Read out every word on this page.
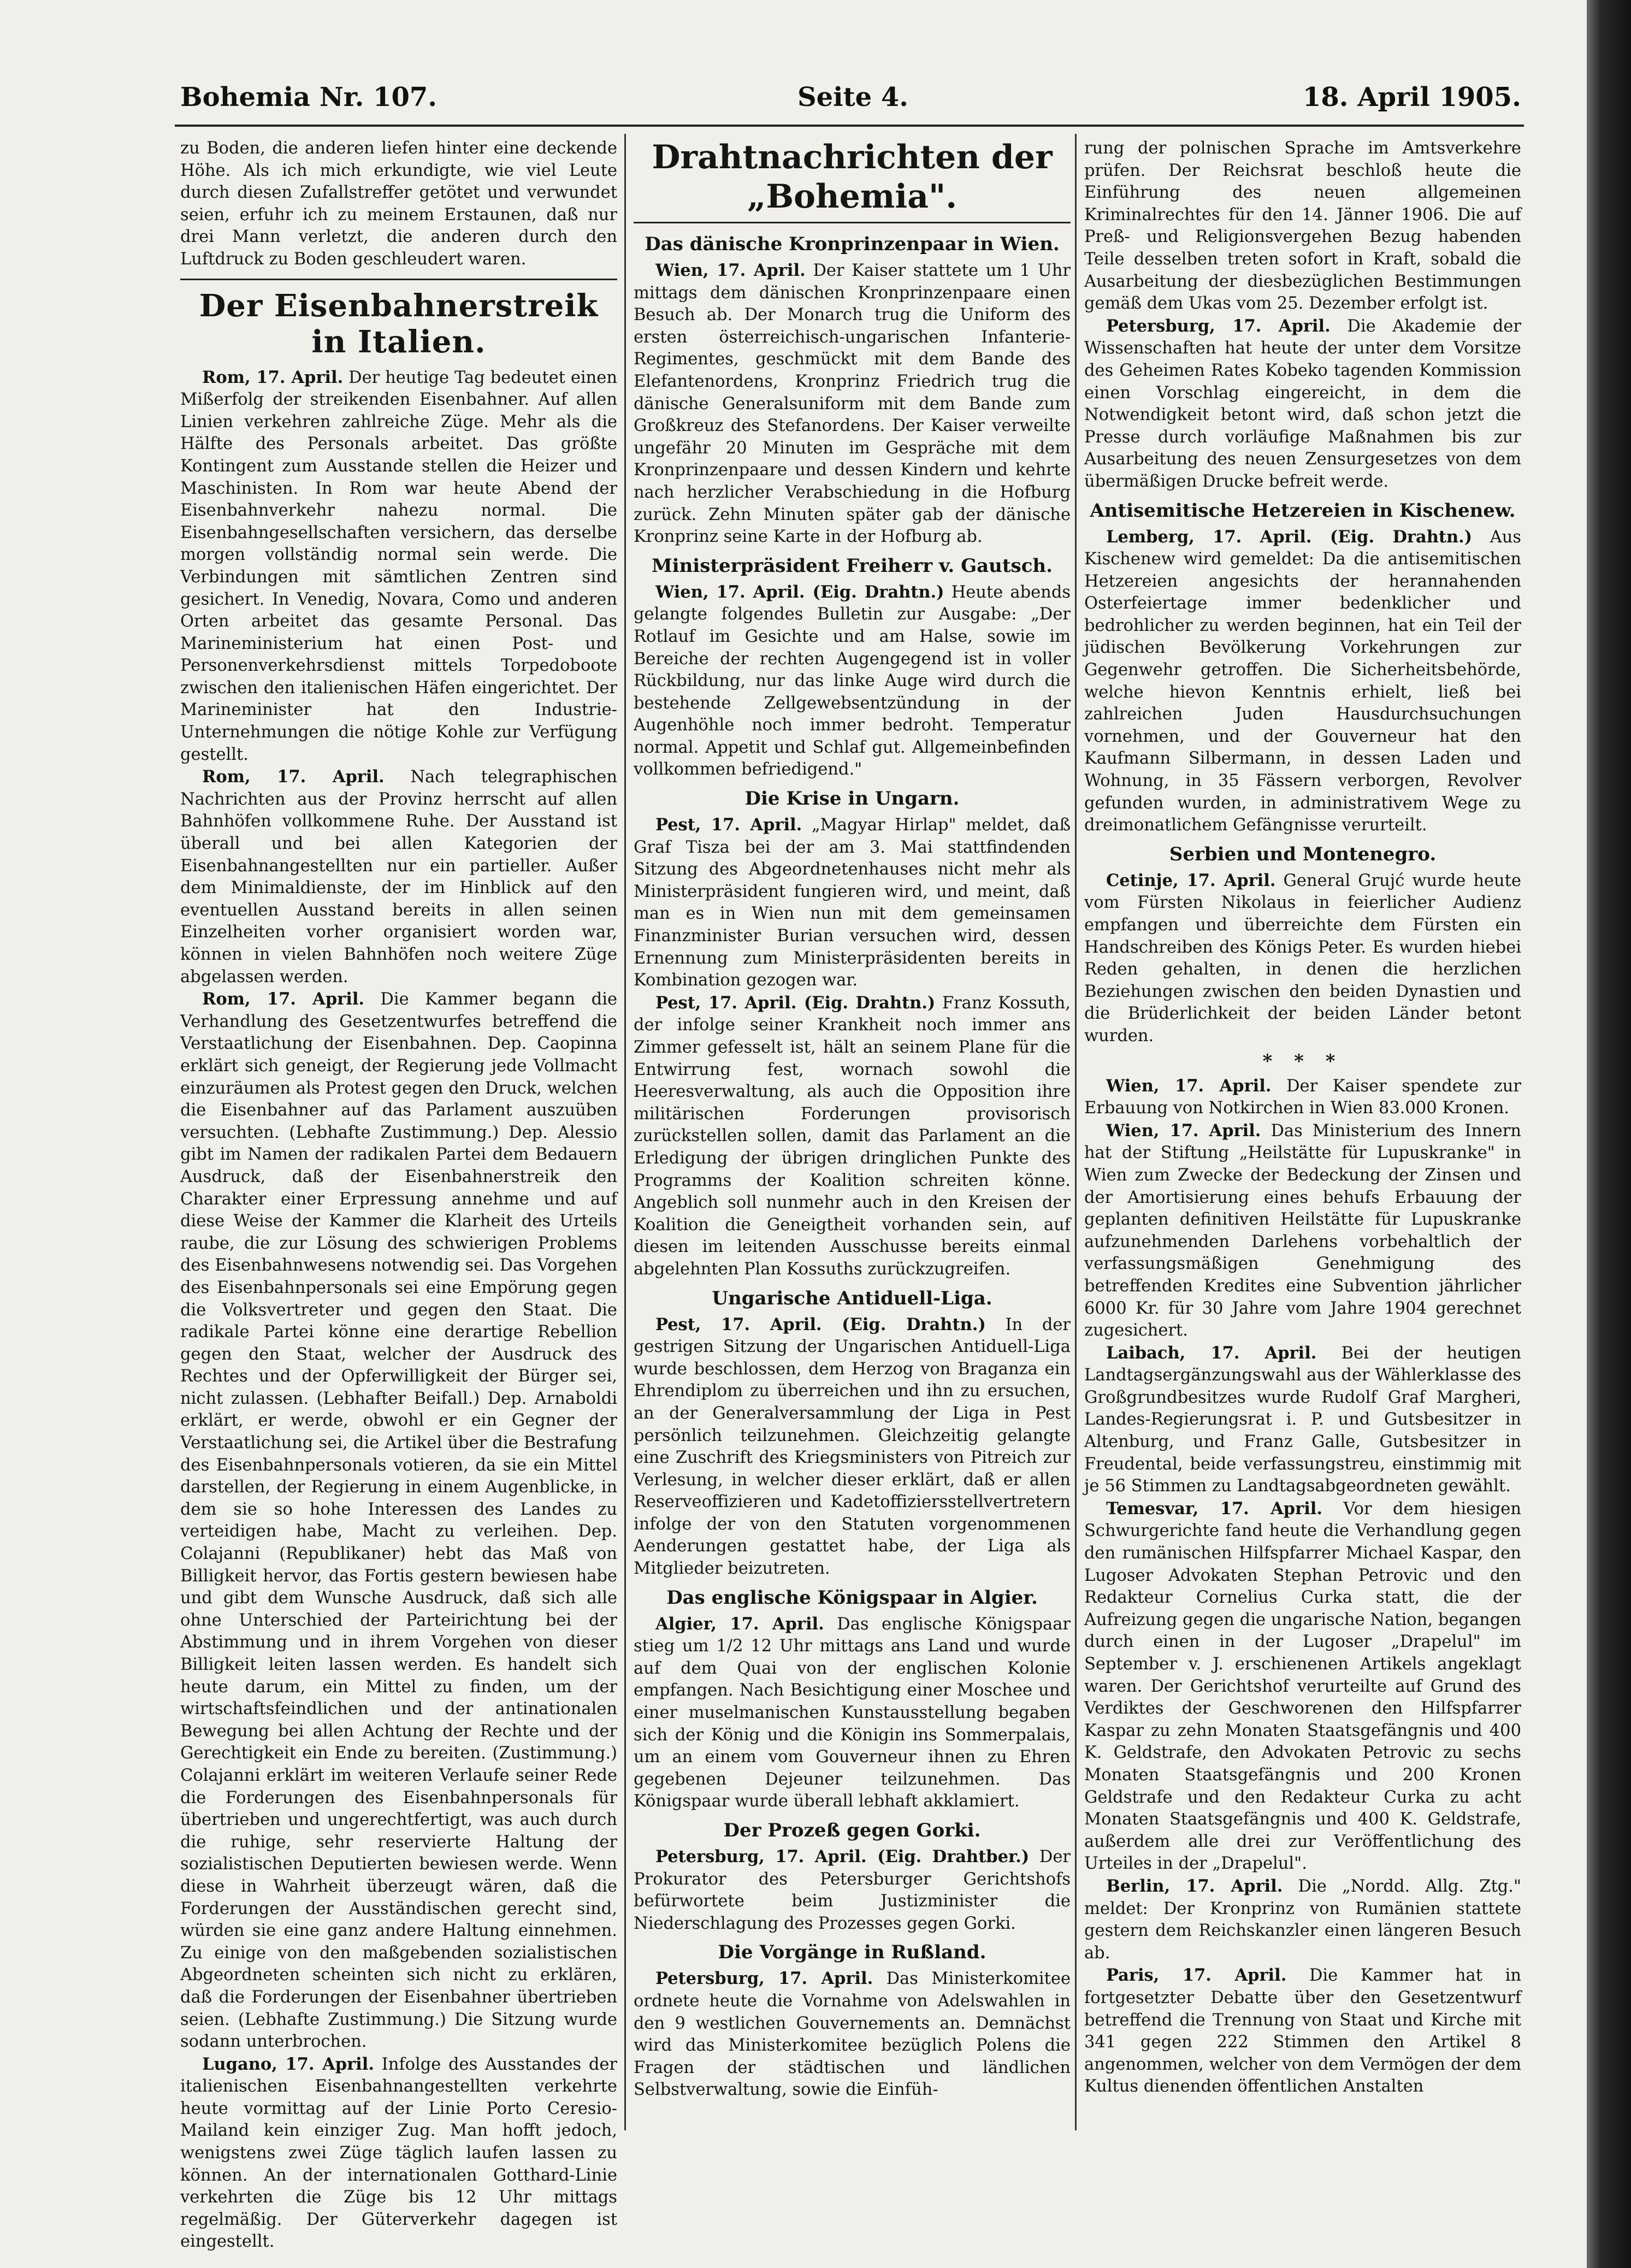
Bohemia Nr. 107.	Seite 4.	18. April 1905.

zu Boden, die anderen liefen hinter eine deckende Höhe. Als ich mich erkundigte, wie viel Leute durch diesen Zufallstreffer getötet und verwundet seien, erfuhr ich zu meinem Erstaunen, daß nur drei Mann verletzt, die anderen durch den Luftdruck zu Boden geschleudert waren.

Der Eisenbahnerstreik in Italien.

Rom, 17. April. Der heutige Tag bedeutet einen Mißerfolg der streikenden Eisenbahner. Auf allen Linien verkehren zahlreiche Züge. Mehr als die Hälfte des Personals arbeitet. Das größte Kontingent zum Ausstande stellen die Heizer und Maschinisten. In Rom war heute Abend der Eisenbahnverkehr nahezu normal. Die Eisenbahngesellschaften versichern, das derselbe morgen vollständig normal sein werde. Die Verbindungen mit sämtlichen Zentren sind gesichert. In Venedig, Novara, Como und anderen Orten arbeitet das gesamte Personal. Das Marineministerium hat einen Post- und Personenverkehrsdienst mittels Torpedoboote zwischen den italienischen Häfen eingerichtet. Der Marineminister hat den Industrie-Unternehmungen die nötige Kohle zur Verfügung gestellt.

Rom, 17. April. Nach telegraphischen Nachrichten aus der Provinz herrscht auf allen Bahnhöfen vollkommene Ruhe. Der Ausstand ist überall und bei allen Kategorien der Eisenbahnangestellten nur ein partieller. Außer dem Minimaldienste, der im Hinblick auf den eventuellen Ausstand bereits in allen seinen Einzelheiten vorher organisiert worden war, können in vielen Bahnhöfen noch weitere Züge abgelassen werden.

Rom, 17. April. Die Kammer begann die Verhandlung des Gesetzentwurfes betreffend die Verstaatlichung der Eisenbahnen. Dep. Caopinna erklärt sich geneigt, der Regierung jede Vollmacht einzuräumen als Protest gegen den Druck, welchen die Eisenbahner auf das Parlament auszuüben versuchten. (Lebhafte Zustimmung.) Dep. Alessio gibt im Namen der radikalen Partei dem Bedauern Ausdruck, daß der Eisenbahnerstreik den Charakter einer Erpressung annehme und auf diese Weise der Kammer die Klarheit des Urteils raube, die zur Lösung des schwierigen Problems des Eisenbahnwesens notwendig sei. Das Vorgehen des Eisenbahnpersonals sei eine Empörung gegen die Volksvertreter und gegen den Staat. Die radikale Partei könne eine derartige Rebellion gegen den Staat, welcher der Ausdruck des Rechtes und der Opferwilligkeit der Bürger sei, nicht zulassen. (Lebhafter Beifall.) Dep. Arnaboldi erklärt, er werde, obwohl er ein Gegner der Verstaatlichung sei, die Artikel über die Bestrafung des Eisenbahnpersonals votieren, da sie ein Mittel darstellen, der Regierung in einem Augenblicke, in dem sie so hohe Interessen des Landes zu verteidigen habe, Macht zu verleihen. Dep. Colajanni (Republikaner) hebt das Maß von Billigkeit hervor, das Fortis gestern bewiesen habe und gibt dem Wunsche Ausdruck, daß sich alle ohne Unterschied der Parteirichtung bei der Abstimmung und in ihrem Vorgehen von dieser Billigkeit leiten lassen werden. Es handelt sich heute darum, ein Mittel zu finden, um der wirtschaftsfeindlichen und der antinationalen Bewegung bei allen Achtung der Rechte und der Gerechtigkeit ein Ende zu bereiten. (Zustimmung.) Colajanni erklärt im weiteren Verlaufe seiner Rede die Forderungen des Eisenbahnpersonals für übertrieben und ungerechtfertigt, was auch durch die ruhige, sehr reservierte Haltung der sozialistischen Deputierten bewiesen werde. Wenn diese in Wahrheit überzeugt wären, daß die Forderungen der Ausständischen gerecht sind, würden sie eine ganz andere Haltung einnehmen. Zu einige von den maßgebenden sozialistischen Abgeordneten scheinten sich nicht zu erklären, daß die Forderungen der Eisenbahner übertrieben seien. (Lebhafte Zustimmung.) Die Sitzung wurde sodann unterbrochen.

Lugano, 17. April. Infolge des Ausstandes der italienischen Eisenbahnangestellten verkehrte heute vormittag auf der Linie Porto Ceresio-Mailand kein einziger Zug. Man hofft jedoch, wenigstens zwei Züge täglich laufen lassen zu können. An der internationalen Gotthard-Linie verkehrten die Züge bis 12 Uhr mittags regelmäßig. Der Güterverkehr dagegen ist eingestellt.

Drahtnachrichten der „Bohemia".
Das dänische Kronprinzenpaar in Wien.

Wien, 17. April. Der Kaiser stattete um 1 Uhr mittags dem dänischen Kronprinzenpaare einen Besuch ab. Der Monarch trug die Uniform des ersten österreichisch-ungarischen Infanterie-Regimentes, geschmückt mit dem Bande des Elefantenordens, Kronprinz Friedrich trug die dänische Generalsuniform mit dem Bande zum Großkreuz des Stefanordens. Der Kaiser verweilte ungefähr 20 Minuten im Gespräche mit dem Kronprinzenpaare und dessen Kindern und kehrte nach herzlicher Verabschiedung in die Hofburg zurück. Zehn Minuten später gab der dänische Kronprinz seine Karte in der Hofburg ab.

Ministerpräsident Freiherr v. Gautsch.

Wien, 17. April. (Eig. Drahtn.) Heute abends gelangte folgendes Bulletin zur Ausgabe: „Der Rotlauf im Gesichte und am Halse, sowie im Bereiche der rechten Augengegend ist in voller Rückbildung, nur das linke Auge wird durch die bestehende Zellgewebsentzündung in der Augenhöhle noch immer bedroht. Temperatur normal. Appetit und Schlaf gut. Allgemeinbefinden vollkommen befriedigend."

Die Krise in Ungarn.

Pest, 17. April. „Magyar Hirlap" meldet, daß Graf Tisza bei der am 3. Mai stattfindenden Sitzung des Abgeordnetenhauses nicht mehr als Ministerpräsident fungieren wird, und meint, daß man es in Wien nun mit dem gemeinsamen Finanzminister Burian versuchen wird, dessen Ernennung zum Ministerpräsidenten bereits in Kombination gezogen war.

Pest, 17. April. (Eig. Drahtn.) Franz Kossuth, der infolge seiner Krankheit noch immer ans Zimmer gefesselt ist, hält an seinem Plane für die Entwirrung fest, wornach sowohl die Heeresverwaltung, als auch die Opposition ihre militärischen Forderungen provisorisch zurückstellen sollen, damit das Parlament an die Erledigung der übrigen dringlichen Punkte des Programms der Koalition schreiten könne. Angeblich soll nunmehr auch in den Kreisen der Koalition die Geneigtheit vorhanden sein, auf diesen im leitenden Ausschusse bereits einmal abgelehnten Plan Kossuths zurückzugreifen.

Ungarische Antiduell-Liga.

Pest, 17. April. (Eig. Drahtn.) In der gestrigen Sitzung der Ungarischen Antiduell-Liga wurde beschlossen, dem Herzog von Braganza ein Ehrendiplom zu überreichen und ihn zu ersuchen, an der Generalversammlung der Liga in Pest persönlich teilzunehmen. Gleichzeitig gelangte eine Zuschrift des Kriegsministers von Pitreich zur Verlesung, in welcher dieser erklärt, daß er allen Reserveoffizieren und Kadetoffiziersstellvertretern infolge der von den Statuten vorgenommenen Aenderungen gestattet habe, der Liga als Mitglieder beizutreten.

Das englische Königspaar in Algier.

Algier, 17. April. Das englische Königspaar stieg um 1/2 12 Uhr mittags ans Land und wurde auf dem Quai von der englischen Kolonie empfangen. Nach Besichtigung einer Moschee und einer muselmanischen Kunstausstellung begaben sich der König und die Königin ins Sommerpalais, um an einem vom Gouverneur ihnen zu Ehren gegebenen Dejeuner teilzunehmen. Das Königspaar wurde überall lebhaft akklamiert.

Der Prozeß gegen Gorki.

Petersburg, 17. April. (Eig. Drahtber.) Der Prokurator des Petersburger Gerichtshofs befürwortete beim Justizminister die Niederschlagung des Prozesses gegen Gorki.

Die Vorgänge in Rußland.

Petersburg, 17. April. Das Ministerkomitee ordnete heute die Vornahme von Adelswahlen in den 9 westlichen Gouvernements an. Demnächst wird das Ministerkomitee bezüglich Polens die Fragen der städtischen und ländlichen Selbstverwaltung, sowie die Einfüh-

rung der polnischen Sprache im Amtsverkehre prüfen. Der Reichsrat beschloß heute die Einführung des neuen allgemeinen Kriminalrechtes für den 14. Jänner 1906. Die auf Preß- und Religionsvergehen Bezug habenden Teile desselben treten sofort in Kraft, sobald die Ausarbeitung der diesbezüglichen Bestimmungen gemäß dem Ukas vom 25. Dezember erfolgt ist.

Petersburg, 17. April. Die Akademie der Wissenschaften hat heute der unter dem Vorsitze des Geheimen Rates Kobeko tagenden Kommission einen Vorschlag eingereicht, in dem die Notwendigkeit betont wird, daß schon jetzt die Presse durch vorläufige Maßnahmen bis zur Ausarbeitung des neuen Zensurgesetzes von dem übermäßigen Drucke befreit werde.

Antisemitische Hetzereien in Kischenew.

Lemberg, 17. April. (Eig. Drahtn.) Aus Kischenew wird gemeldet: Da die antisemitischen Hetzereien angesichts der herannahenden Osterfeiertage immer bedenklicher und bedrohlicher zu werden beginnen, hat ein Teil der jüdischen Bevölkerung Vorkehrungen zur Gegenwehr getroffen. Die Sicherheitsbehörde, welche hievon Kenntnis erhielt, ließ bei zahlreichen Juden Hausdurchsuchungen vornehmen, und der Gouverneur hat den Kaufmann Silbermann, in dessen Laden und Wohnung, in 35 Fässern verborgen, Revolver gefunden wurden, in administrativem Wege zu dreimonatlichem Gefängnisse verurteilt.

Serbien und Montenegro.

Cetinje, 17. April. General Grujć wurde heute vom Fürsten Nikolaus in feierlicher Audienz empfangen und überreichte dem Fürsten ein Handschreiben des Königs Peter. Es wurden hiebei Reden gehalten, in denen die herzlichen Beziehungen zwischen den beiden Dynastien und die Brüderlichkeit der beiden Länder betont wurden.

* * *

Wien, 17. April. Der Kaiser spendete zur Erbauung von Notkirchen in Wien 83.000 Kronen.

Wien, 17. April. Das Ministerium des Innern hat der Stiftung „Heilstätte für Lupuskranke" in Wien zum Zwecke der Bedeckung der Zinsen und der Amortisierung eines behufs Erbauung der geplanten definitiven Heilstätte für Lupuskranke aufzunehmenden Darlehens vorbehaltlich der verfassungsmäßigen Genehmigung des betreffenden Kredites eine Subvention jährlicher 6000 Kr. für 30 Jahre vom Jahre 1904 gerechnet zugesichert.

Laibach, 17. April. Bei der heutigen Landtagsergänzungswahl aus der Wählerklasse des Großgrundbesitzes wurde Rudolf Graf Margheri, Landes-Regierungsrat i. P. und Gutsbesitzer in Altenburg, und Franz Galle, Gutsbesitzer in Freudental, beide verfassungstreu, einstimmig mit je 56 Stimmen zu Landtagsabgeordneten gewählt.

Temesvar, 17. April. Vor dem hiesigen Schwurgerichte fand heute die Verhandlung gegen den rumänischen Hilfspfarrer Michael Kaspar, den Lugoser Advokaten Stephan Petrovic und den Redakteur Cornelius Curka statt, die der Aufreizung gegen die ungarische Nation, begangen durch einen in der Lugoser „Drapelul" im September v. J. erschienenen Artikels angeklagt waren. Der Gerichtshof verurteilte auf Grund des Verdiktes der Geschworenen den Hilfspfarrer Kaspar zu zehn Monaten Staatsgefängnis und 400 K. Geldstrafe, den Advokaten Petrovic zu sechs Monaten Staatsgefängnis und 200 Kronen Geldstrafe und den Redakteur Curka zu acht Monaten Staatsgefängnis und 400 K. Geldstrafe, außerdem alle drei zur Veröffentlichung des Urteiles in der „Drapelul".

Berlin, 17. April. Die „Nordd. Allg. Ztg." meldet: Der Kronprinz von Rumänien stattete gestern dem Reichskanzler einen längeren Besuch ab.

Paris, 17. April. Die Kammer hat in fortgesetzter Debatte über den Gesetzentwurf betreffend die Trennung von Staat und Kirche mit 341 gegen 222 Stimmen den Artikel 8 angenommen, welcher von dem Vermögen der dem Kultus dienenden öffentlichen Anstalten
